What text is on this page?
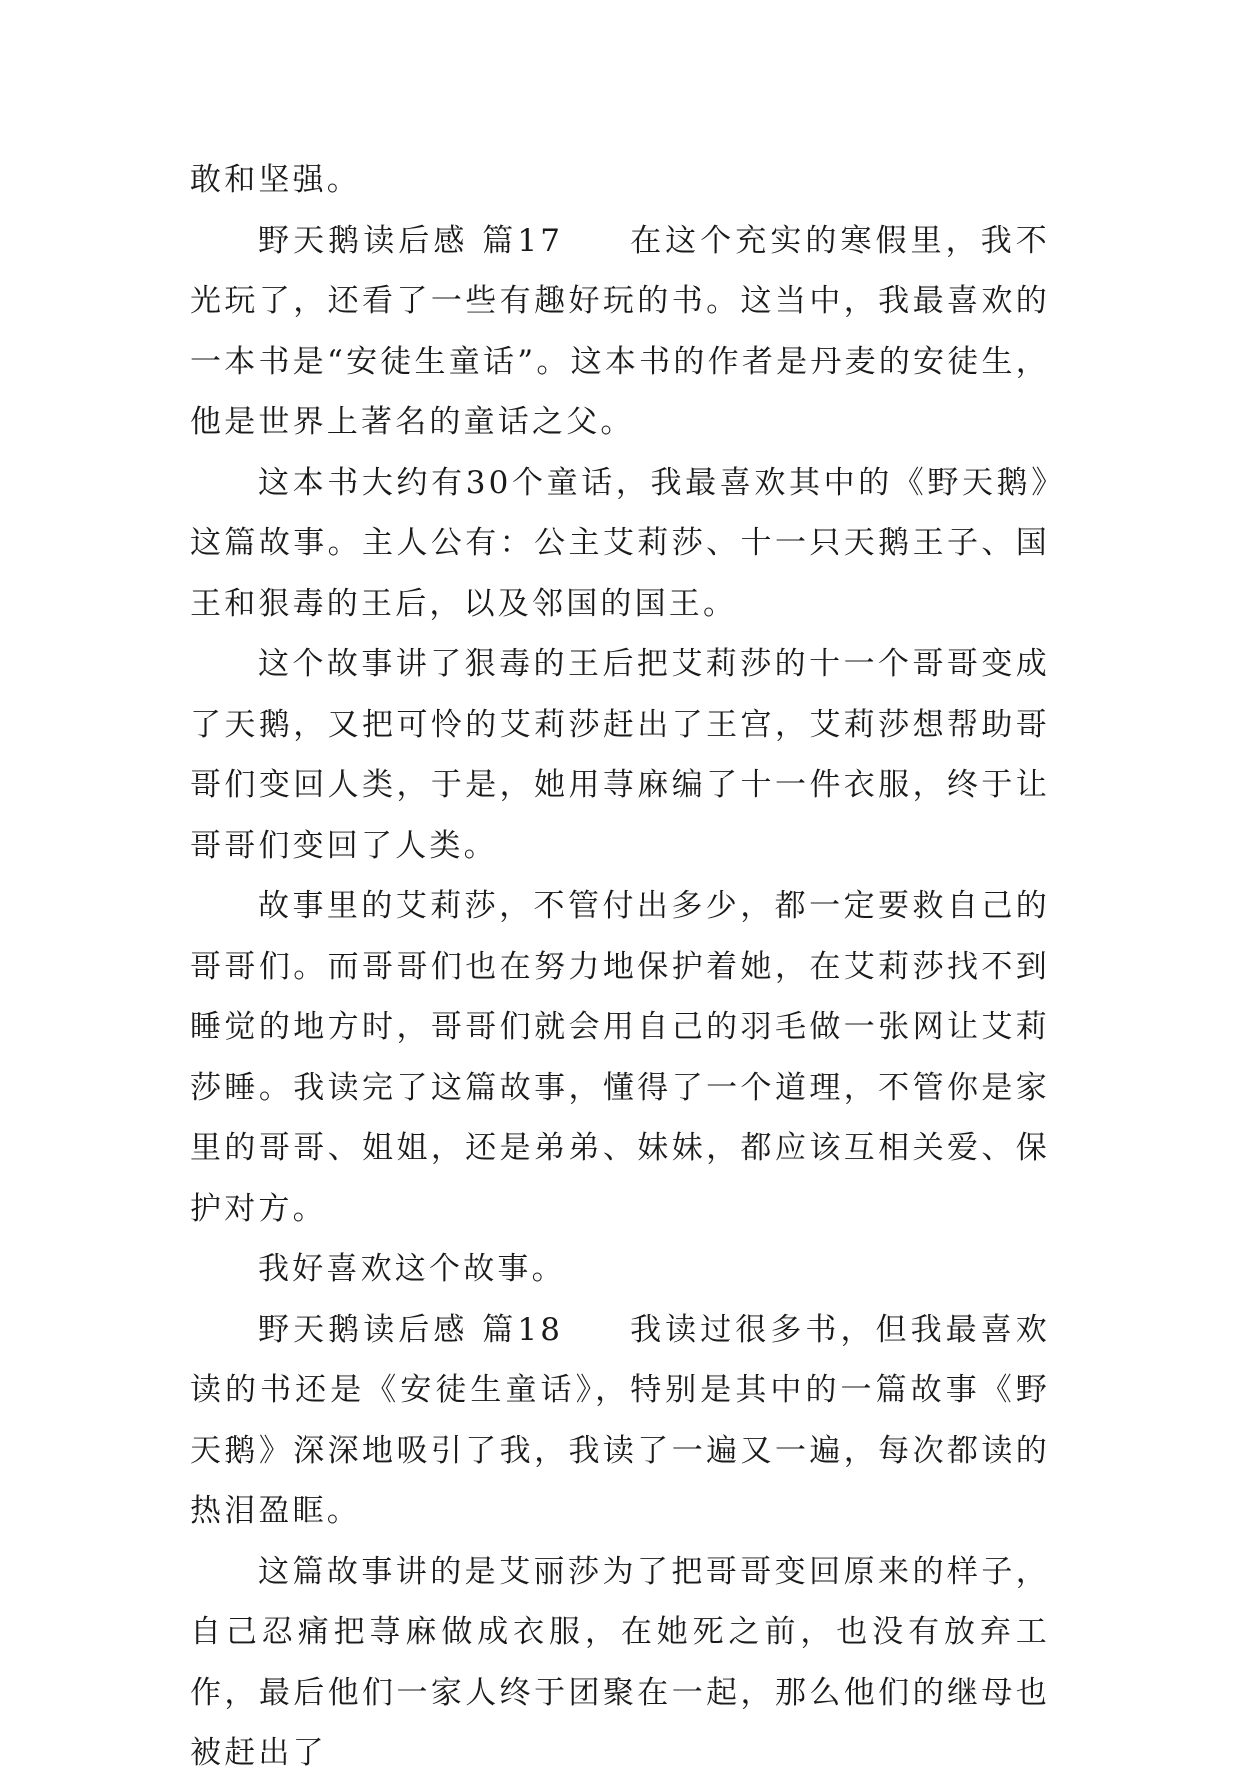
敢和坚强。

野天鹅读后感 篇17 在这个充实的寒假里，我不光玩了，还看了一些有趣好玩的书。这当中，我最喜欢的一本书是“安徒生童话”。这本书的作者是丹麦的安徒生，他是世界上著名的童话之父。

这本书大约有30个童话，我最喜欢其中的《野天鹅》这篇故事。主人公有：公主艾莉莎、十一只天鹅王子、国王和狠毒的王后，以及邻国的国王。

这个故事讲了狠毒的王后把艾莉莎的十一个哥哥变成了天鹅，又把可怜的艾莉莎赶出了王宫，艾莉莎想帮助哥哥们变回人类，于是，她用荨麻编了十一件衣服，终于让哥哥们变回了人类。

故事里的艾莉莎，不管付出多少，都一定要救自己的哥哥们。而哥哥们也在努力地保护着她，在艾莉莎找不到睡觉的地方时，哥哥们就会用自己的羽毛做一张网让艾莉莎睡。我读完了这篇故事，懂得了一个道理，不管你是家里的哥哥、姐姐，还是弟弟、妹妹，都应该互相关爱、保护对方。

我好喜欢这个故事。

野天鹅读后感 篇18 我读过很多书，但我最喜欢读的书还是《安徒生童话》，特别是其中的一篇故事《野天鹅》深深地吸引了我，我读了一遍又一遍，每次都读的热泪盈眶。

这篇故事讲的是艾丽莎为了把哥哥变回原来的样子，自己忍痛把荨麻做成衣服，在她死之前，也没有放弃工作，最后他们一家人终于团聚在一起，那么他们的继母也被赶出了
